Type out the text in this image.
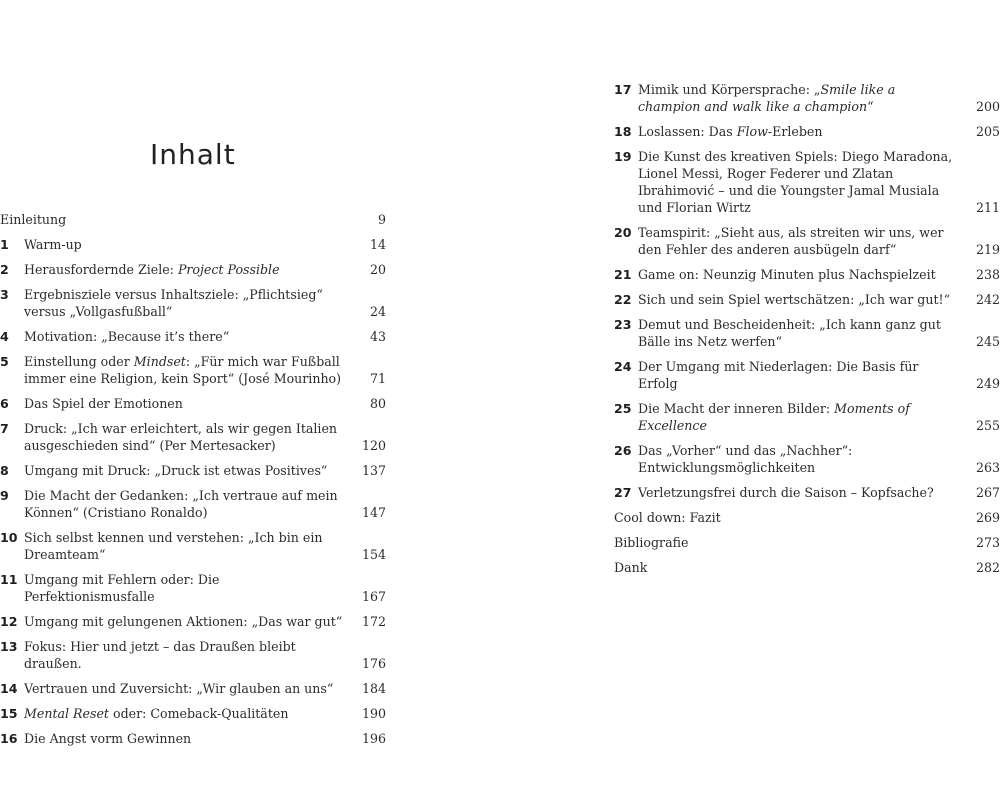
Inhalt
Einleitung	9
1	Warm-up	14
2	Herausfordernde Ziele: Project Possible	20
3	Ergebnisziele versus Inhaltsziele: „Pflichtsieg“ versus „Vollgasfußball“	24
4	Motivation: „Because it’s there“	43
5	Einstellung oder Mindset: „Für mich war Fußball immer eine Religion, kein Sport“ (José Mourinho)	71
6	Das Spiel der Emotionen	80
7	Druck: „Ich war erleichtert, als wir gegen Italien ausgeschieden sind“ (Per Mertesacker)	120
8	Umgang mit Druck: „Druck ist etwas Positives“	137
9	Die Macht der Gedanken: „Ich vertraue auf mein Können“ (Cristiano Ronaldo)	147
10 Sich selbst kennen und verstehen: „Ich bin ein Dreamteam“	154
11 Umgang mit Fehlern oder: Die Perfektionismusfalle	167
12 Umgang mit gelungenen Aktionen: „Das war gut“	172
13 Fokus: Hier und jetzt – das Draußen bleibt draußen.	176
14 Vertrauen und Zuversicht: „Wir glauben an uns“	184
15 Mental Reset oder: Comeback-Qualitäten	190
16 Die Angst vorm Gewinnen	196
17 Mimik und Körpersprache: „Smile like a champion and walk like a champion“	200
18 Loslassen: Das Flow-Erleben	205
19 Die Kunst des kreativen Spiels: Diego Maradona, Lionel Messi, Roger Federer und Zlatan Ibrahimović – und die Youngster Jamal Musiala und Florian Wirtz	211
20 Teamspirit: „Sieht aus, als streiten wir uns, wer den Fehler des anderen ausbügeln darf“	219
21 Game on: Neunzig Minuten plus Nachspielzeit	238
22 Sich und sein Spiel wertschätzen: „Ich war gut!“	242
23 Demut und Bescheidenheit: „Ich kann ganz gut Bälle ins Netz werfen“	245
24 Der Umgang mit Niederlagen: Die Basis für Erfolg	249
25 Die Macht der inneren Bilder: Moments of Excellence	255
26 Das „Vorher“ und das „Nachher“: Entwicklungsmöglichkeiten	263
27 Verletzungsfrei durch die Saison – Kopfsache?	267
Cool down: Fazit	269
Bibliografie	273
Dank	282
